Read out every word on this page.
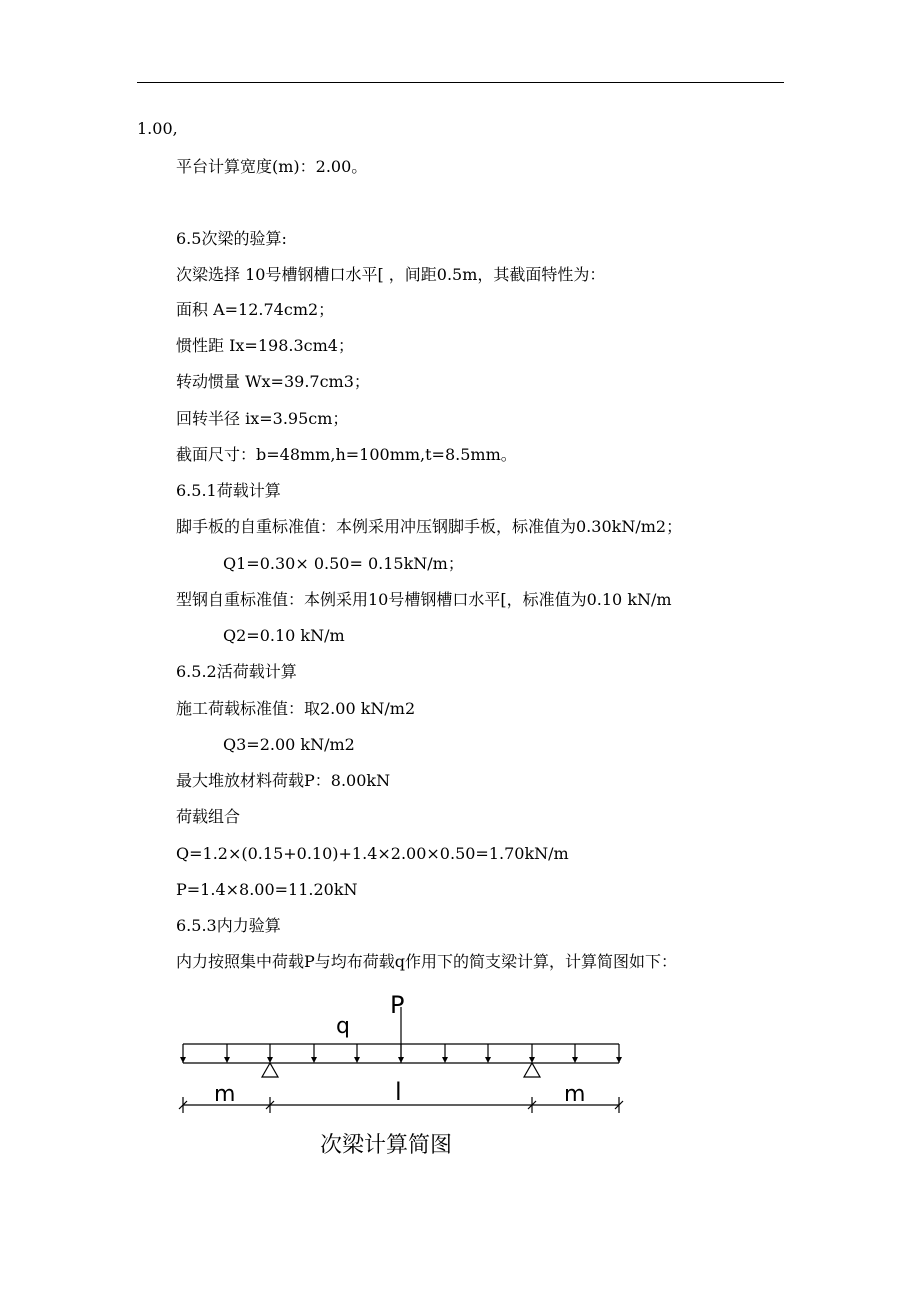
1.00,
平台计算宽度(m)：2.00。
6.5次梁的验算:
次梁选择 10号槽钢槽口水平[ ，间距0.5m，其截面特性为：
面积 A=12.74cm2；
惯性距 Ix=198.3cm4；
转动惯量 Wx=39.7cm3；
回转半径 ix=3.95cm；
截面尺寸：b=48mm,h=100mm,t=8.5mm。
6.5.1荷载计算
脚手板的自重标准值：本例采用冲压钢脚手板，标准值为0.30kN/m2；
Q1=0.30× 0.50= 0.15kN/m；
型钢自重标准值：本例采用10号槽钢槽口水平[，标准值为0.10 kN/m
Q2=0.10 kN/m
6.5.2活荷载计算
施工荷载标准值：取2.00 kN/m2
Q3=2.00 kN/m2
最大堆放材料荷载P：8.00kN
荷载组合
Q=1.2×(0.15+0.10)+1.4×2.00×0.50=1.70kN/m
P=1.4×8.00=11.20kN
6.5.3内力验算
内力按照集中荷载P与均布荷载q作用下的简支梁计算，计算简图如下：
P
q
m	l	m
次梁计算简图
